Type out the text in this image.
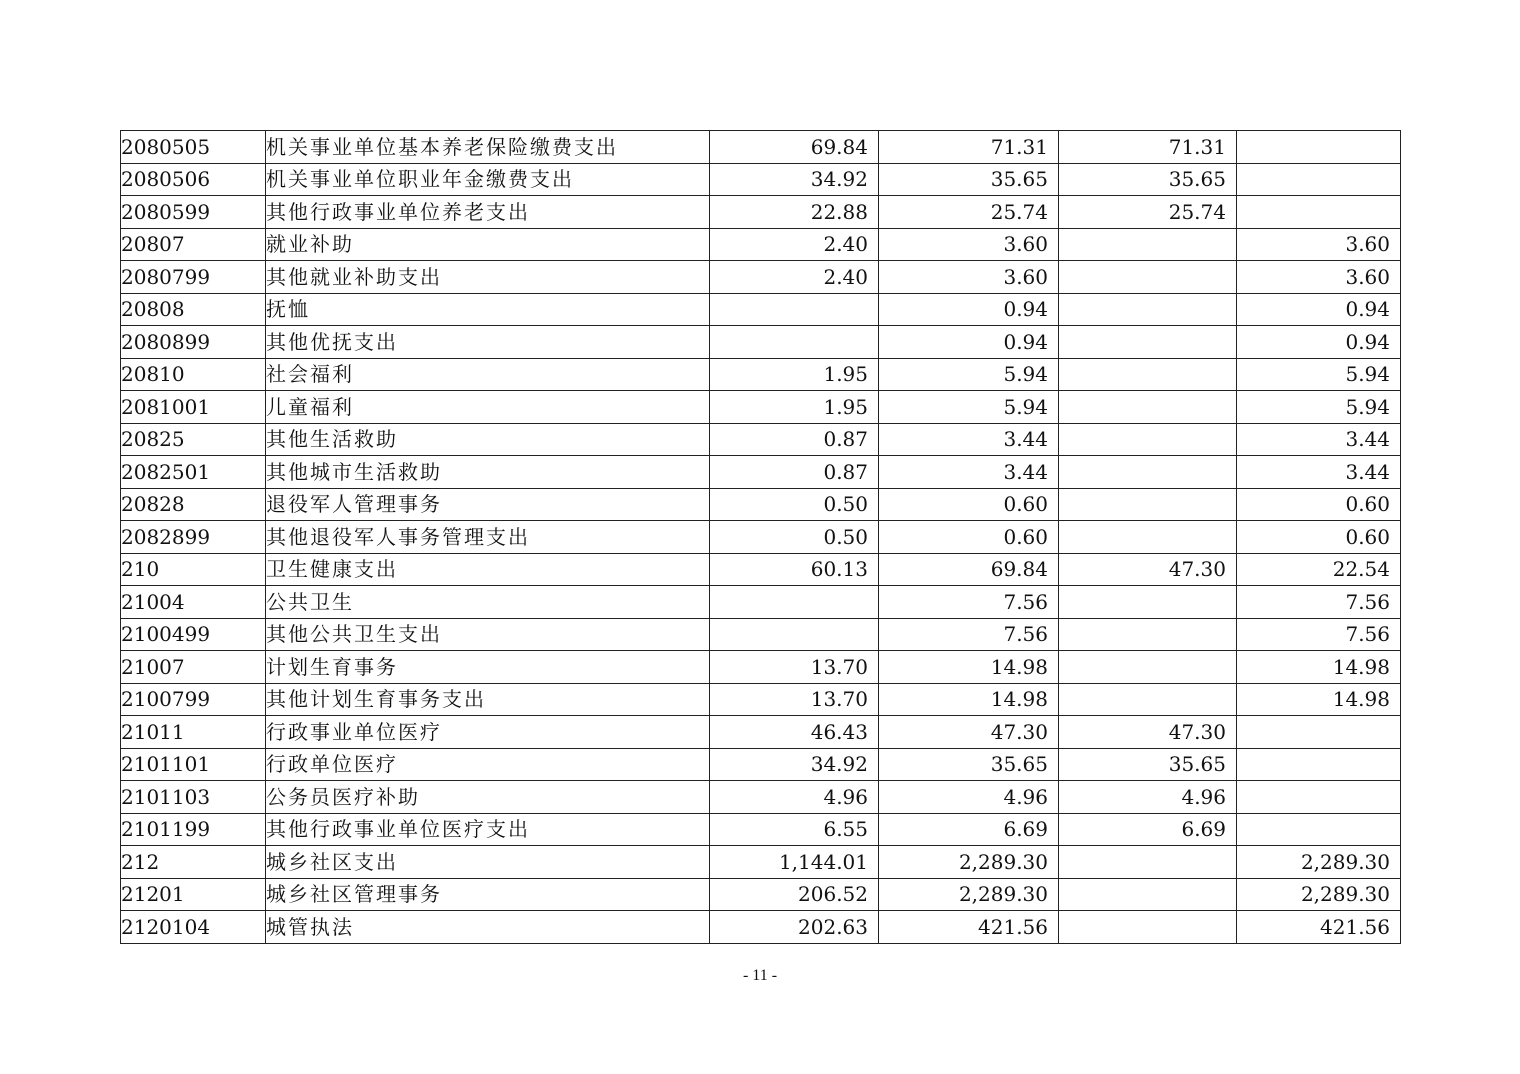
2080505	机关事业单位基本养老保险缴费支出	69.84	71.31	71.31	
2080506	机关事业单位职业年金缴费支出	34.92	35.65	35.65	
2080599	其他行政事业单位养老支出	22.88	25.74	25.74	
20807	就业补助	2.40	3.60		3.60
2080799	其他就业补助支出	2.40	3.60		3.60
20808	抚恤		0.94		0.94
2080899	其他优抚支出		0.94		0.94
20810	社会福利	1.95	5.94		5.94
2081001	儿童福利	1.95	5.94		5.94
20825	其他生活救助	0.87	3.44		3.44
2082501	其他城市生活救助	0.87	3.44		3.44
20828	退役军人管理事务	0.50	0.60		0.60
2082899	其他退役军人事务管理支出	0.50	0.60		0.60
210	卫生健康支出	60.13	69.84	47.30	22.54
21004	公共卫生		7.56		7.56
2100499	其他公共卫生支出		7.56		7.56
21007	计划生育事务	13.70	14.98		14.98
2100799	其他计划生育事务支出	13.70	14.98		14.98
21011	行政事业单位医疗	46.43	47.30	47.30	
2101101	行政单位医疗	34.92	35.65	35.65	
2101103	公务员医疗补助	4.96	4.96	4.96	
2101199	其他行政事业单位医疗支出	6.55	6.69	6.69	
212	城乡社区支出	1,144.01	2,289.30		2,289.30
21201	城乡社区管理事务	206.52	2,289.30		2,289.30
2120104	城管执法	202.63	421.56		421.56
- 11 -
